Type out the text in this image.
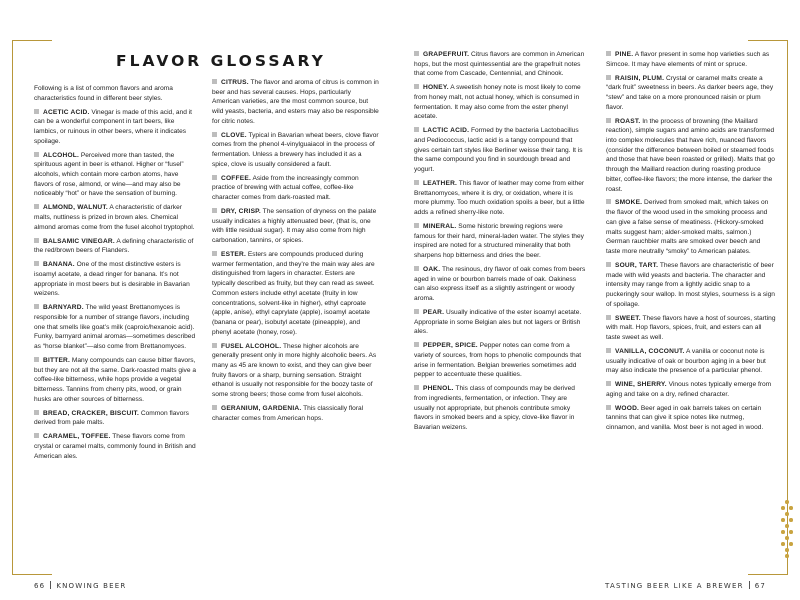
FLAVOR GLOSSARY

Following is a list of common flavors and aroma characteristics found in different beer styles.

ACETIC ACID. Vinegar is made of this acid, and it can be a wonderful component in tart beers, like lambics, or ruinous in other beers, where it indicates spoilage.

ALCOHOL. Perceived more than tasted, the spirituous agent in beer is ethanol. Higher or “fusel” alcohols, which contain more carbon atoms, have flavors of rose, almond, or wine—and may also be noticeably “hot” or have the sensation of burning.

ALMOND, WALNUT. A characteristic of darker malts, nuttiness is prized in brown ales. Chemical almond aromas come from the fusel alcohol tryptophol.

BALSAMIC VINEGAR. A defining characteristic of the red/brown beers of Flanders.

BANANA. One of the most distinctive esters is isoamyl acetate, a dead ringer for banana. It’s not appropriate in most beers but is desirable in Bavarian weizens.

BARNYARD. The wild yeast Brettanomyces is responsible for a number of strange flavors, including one that smells like goat’s milk (caproic/hexanoic acid). Funky, barnyard animal aromas—sometimes described as “horse blanket”—also come from Brettanomyces.

BITTER. Many compounds can cause bitter flavors, but they are not all the same. Dark-roasted malts give a coffee-like bitterness, while hops provide a vegetal bitterness. Tannins from cherry pits, wood, or grain husks are other sources of bitterness.

BREAD, CRACKER, BISCUIT. Common flavors derived from pale malts.

CARAMEL, TOFFEE. These flavors come from crystal or caramel malts, commonly found in British and American ales.

CITRUS. The flavor and aroma of citrus is common in beer and has several causes. Hops, particularly American varieties, are the most common source, but wild yeasts, bacteria, and esters may also be responsible for citric notes.

CLOVE. Typical in Bavarian wheat beers, clove flavor comes from the phenol 4-vinylguaiacol in the process of fermentation. Unless a brewery has included it as a spice, clove is usually considered a fault.

COFFEE. Aside from the increasingly common practice of brewing with actual coffee, coffee-like character comes from dark-roasted malt.

DRY, CRISP. The sensation of dryness on the palate usually indicates a highly attenuated beer, (that is, one with little residual sugar). It may also come from high carbonation, tannins, or spices.

ESTER. Esters are compounds produced during warmer fermentation, and they’re the main way ales are distinguished from lagers in character. Esters are typically described as fruity, but they can read as sweet. Common esters include ethyl acetate (fruity in low concentrations, solvent-like in higher), ethyl caproate (apple, anise), ethyl caprylate (apple), isoamyl acetate (banana or pear), isobutyl acetate (pineapple), and phenyl acetate (honey, rose).

FUSEL ALCOHOL. These higher alcohols are generally present only in more highly alcoholic beers. As many as 45 are known to exist, and they can give beer fruity flavors or a sharp, burning sensation. Straight ethanol is usually not responsible for the boozy taste of some strong beers; those come from fusel alcohols.

GERANIUM, GARDENIA. This classically floral character comes from American hops.

66 KNOWING BEER

GRAPEFRUIT. Citrus flavors are common in American hops, but the most quintessential are the grapefruit notes that come from Cascade, Centennial, and Chinook.

HONEY. A sweetish honey note is most likely to come from honey malt, not actual honey, which is consumed in fermentation. It may also come from the ester phenyl acetate.

LACTIC ACID. Formed by the bacteria Lactobacillus and Pediococcus, lactic acid is a tangy compound that gives certain tart styles like Berliner weisse their tang. It is the same compound you find in sourdough bread and yogurt.

LEATHER. This flavor of leather may come from either Brettanomyces, where it is dry, or oxidation, where it is more plummy. Too much oxidation spoils a beer, but a little adds a refined sherry-like note.

MINERAL. Some historic brewing regions were famous for their hard, mineral-laden water. The styles they inspired are noted for a structured minerality that both sharpens hop bitterness and dries the beer.

OAK. The resinous, dry flavor of oak comes from beers aged in wine or bourbon barrels made of oak. Oakiness can also express itself as a slightly astringent or woody aroma.

PEAR. Usually indicative of the ester isoamyl acetate. Appropriate in some Belgian ales but not lagers or British ales.

PEPPER, SPICE. Pepper notes can come from a variety of sources, from hops to phenolic compounds that arise in fermentation. Belgian breweries sometimes add pepper to accentuate these qualities.

PHENOL. This class of compounds may be derived from ingredients, fermentation, or infection. They are usually not appropriate, but phenols contribute smoky flavors in smoked beers and a spicy, clove-like flavor in Bavarian weizens.

PINE. A flavor present in some hop varieties such as Simcoe. It may have elements of mint or spruce.

RAISIN, PLUM. Crystal or caramel malts create a “dark fruit” sweetness in beers. As darker beers age, they “stew” and take on a more pronounced raisin or plum flavor.

ROAST. In the process of browning (the Maillard reaction), simple sugars and amino acids are transformed into complex molecules that have rich, nuanced flavors (consider the difference between boiled or steamed foods and those that have been roasted or grilled). Malts that go through the Maillard reaction during roasting produce bitter, coffee-like flavors; the more intense, the darker the roast.

SMOKE. Derived from smoked malt, which takes on the flavor of the wood used in the smoking process and can give a false sense of meatiness. (Hickory-smoked malts suggest ham; alder-smoked malts, salmon.) German rauchbier malts are smoked over beech and taste more neutrally “smoky” to American palates.

SOUR, TART. These flavors are characteristic of beer made with wild yeasts and bacteria. The character and intensity may range from a lightly acidic snap to a puckeringly sour wallop. In most styles, sourness is a sign of spoilage.

SWEET. These flavors have a host of sources, starting with malt. Hop flavors, spices, fruit, and esters can all taste sweet as well.

VANILLA, COCONUT. A vanilla or coconut note is usually indicative of oak or bourbon aging in a beer but may also indicate the presence of a particular phenol.

WINE, SHERRY. Vinous notes typically emerge from aging and take on a dry, refined character.

WOOD. Beer aged in oak barrels takes on certain tannins that can give it spice notes like nutmeg, cinnamon, and vanilla. Most beer is not aged in wood.

TASTING BEER LIKE A BREWER 67
